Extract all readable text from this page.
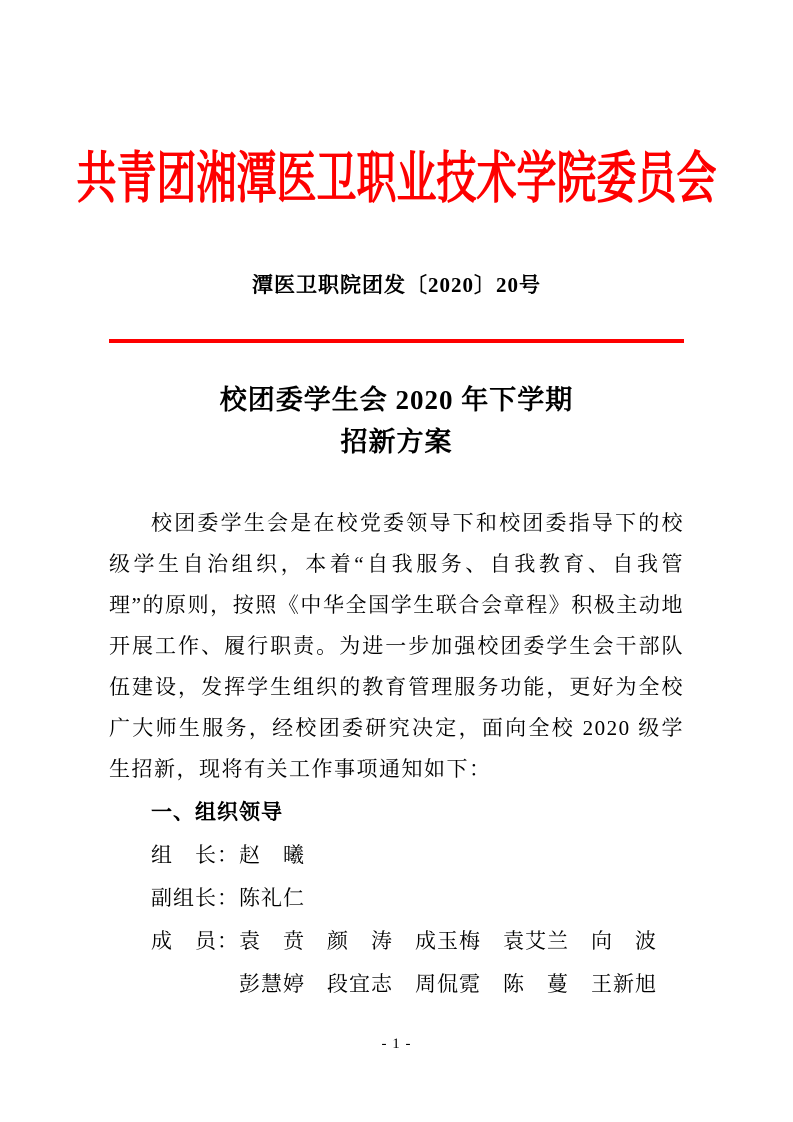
共青团湘潭医卫职业技术学院委员会
潭医卫职院团发〔2020〕20号
校团委学生会 2020 年下学期
招新方案

校团委学生会是在校党委领导下和校团委指导下的校级学生自治组织，本着“自我服务、自我教育、自我管理”的原则，按照《中华全国学生联合会章程》积极主动地开展工作、履行职责。为进一步加强校团委学生会干部队伍建设，发挥学生组织的教育管理服务功能，更好为全校广大师生服务，经校团委研究决定，面向全校 2020 级学生招新，现将有关工作事项通知如下：

一、组织领导
组　长：赵　曦
副组长：陈礼仁
成　员：袁　贲　颜　涛　成玉梅　袁艾兰　向　波
彭慧婷　段宜志　周侃霓　陈　蔓　王新旭
- 1 -
